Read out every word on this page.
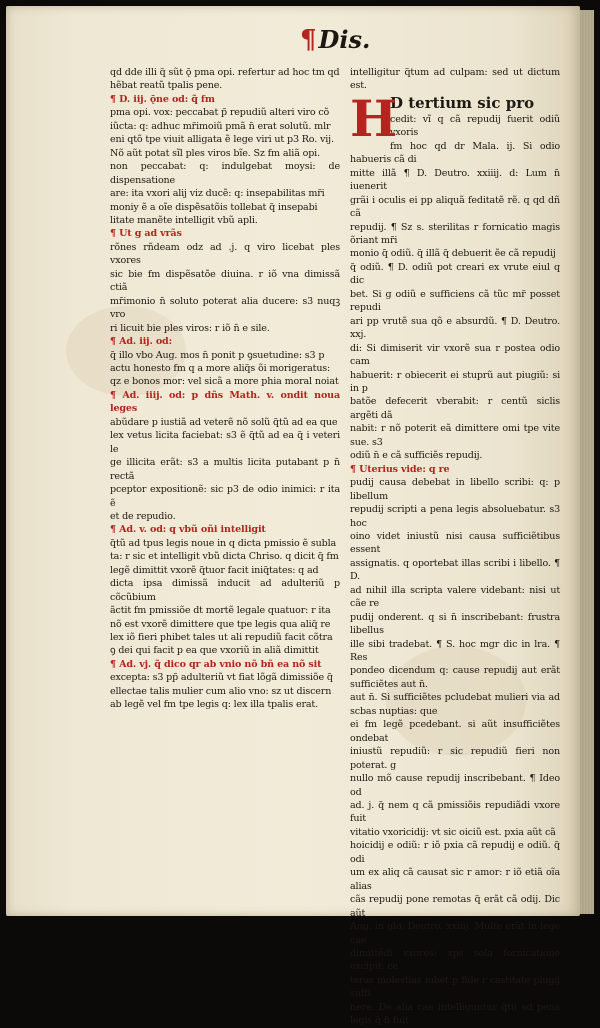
¶ Dis.

qd dde illi q̃ sũt ǭ pma opi. refertur ad hoc tm qd

hẽbat reatũ tpalis pene.

¶ D. iij. ǭne od: q̃ fm

pma opi. vox: peccabat p̃ repudiũ alteri viro cõ

iũcta: q: adhuc mr̃imoiũ pmã n̄ erat solutũ. mlr

eni qtõ tpe viuit alligata ẽ lege viri ut p3 Ro. vij.

Nõ aũt potat sĩl ples viros bĩe. Sz fm aliã opi.

non peccabat: q: indulgebat moysi: de dispensatione

are: ita vxori alij viz ducẽ: q: insepabilitas mr̃i

moniy ẽ a oĩe dispẽsatõis tollebat q̃ insepabi

litate manẽte intelligit vbũ apli.

¶ Ut g ad vrãs

rõnes rñdeam odz ad .j. q viro licebat ples vxores

sic bie fm dispẽsatõe diuina. r iõ vna dimissã ctiã

mr̃imonio n̄ soluto poterat alia ducere: s3 nuqꝫ vro

ri licuit bie ples viros: r iõ n̄ e sile.

¶ Ad. iij. od:

q̃ illo vbo Aug. mos n̄ ponit p ꝯsuetudine: s3 p

actu honesto fm q a more aliq̃s õi morigeratus:

qz e bonos mor: vel sicã a more phia moral noiat

¶ Ad. iiij. od: p dñs Math. v. ondit noua leges

abũdare p iustiã ad veterẽ nõ solũ q̃tũ ad ea que

lex vetus licita faciebat: s3 ẽ q̃tũ ad ea q̃ i veteri le

ge illicita erãt: s3 a multis licita putabant p n̄ rectã

pceptor expositionẽ: sic p3 de odio inimici: r ita ẽ

et de repudio.

¶ Ad. v. od: q vbũ oñi intelligit

q̃tũ ad tpus legis noue in q dicta pmissio ẽ subla

ta: r sic et intelligit vbũ dicta Chriso. q dicit q̃ fm

legẽ dimittit vxorẽ q̃tuor facit iniq̃tates: q ad

dicta ipsa dimissã inducit ad adulteriũ p cõcũbium

ãctit fm pmissiõe dt mortẽ legale quatuor: r ita

nõ est vxorẽ dimittere que tpe legis qua aliq̃ re

lex iõ fieri phibet tales ut ali repudiũ facit cõtra

ꝯ dei qui facit p ea que vxoriũ in aliã dimittit

¶ Ad. vj. q̃ dico qr ab vnio nõ bñ ea nõ sit

excepta: s3 pp̃ adulteriũ vt fiat lõgã dimissiõe q̃

ellectae talis mulier cum alio vno: sz ut discern

ab legẽ vel fm tpe legis q: lex illa tpalis erat.

intelligitur q̃tum ad culpam: sed ut dictum est.

H

D tertium sic pro

cedit: vĩ q cã repudij fuerit odiũ vxoris

fm hoc qd dr Mala. ij. Si odio habueris cã di

mitte illã ¶ D. Deutro. xxiiij. d: Lum n̄ iuenerit

grãi i oculis ei pp aliquã feditatẽ rẽ. q qd dñ cã

repudij. ¶ Sz s. sterilitas r fornicatio magis õriant mr̃i

monio q̃ odiũ. q̃ illã q̃ debuerit ẽe cã repudij

q̃ odiũ. ¶ D. odiũ pot creari ex vrute eiul q dic

bet. Si g odiũ e sufficiens cã tũc mr̃ posset repudi

ari pp vrutẽ sua qõ e absurdũ. ¶ D. Deutro. xxj.

di: Si dimiserit vir vxorẽ sua r postea odio cam

habuerit: r obiecerit ei stuprũ aut piugiũ: si in p

batõe defecerit vberabit: r centũ siclis argẽti dã

nabit: r nõ poterit eã dimittere omi tpe vite sue. s3

odiũ n̄ e cã sufficiẽs repudij.

¶ Uterius vide: q re

pudij causa debebat in libello scribi: q: p libellum

repudij scripti a pena legis absoluebatur. s3 hoc

oino videt iniustũ nisi causa sufficiẽtibus essent

assignatis. q oportebat illas scribi i libello. ¶ D.

ad nihil illa scripta valere videbant: nisi ut cãe re

pudij onderent. q si n̄ inscribebant: frustra libellus

ille sibi tradebat. ¶ S. hoc mgr dic in lra. ¶ Res

pondeo dicendum q: cause repudij aut erãt sufficiẽtes aut n̄.

aut n̄. Si sufficiẽtes pcludebat mulieri via ad scbas nuptias: que

ei fm legẽ pcedebant. si aũt insufficiẽtes ondebat

iniustũ repudiũ: r sic repudiũ fieri non poterat. g

nullo mõ cause repudij inscribebant. ¶ Ideo od

ad. j. q̃ nem q cã pmissiõis repudiãdi vxore fuit

vitatio vxoricidij: vt sic oiciũ est. pxia aũt cã

hoicidij e odiũ: r iõ pxia cã repudij e odiũ. q̃ odi

um ex aliq cã causat sic r amor: r iõ etiã oĩa alias

cãs repudij pone remotas q̃ erãt cã odij. Dic aũt

Aug. in glo. Deutro. xxiiij. Multe erãt in lege cae

dimittẽdi vxores: xps sola fornicatione excipit: ce

teras molestias iubet p fide r castitate piugij suffi

nere. De alia cae intelliguntur q̃tũ ad pena legis q̃ n̄ fuit
